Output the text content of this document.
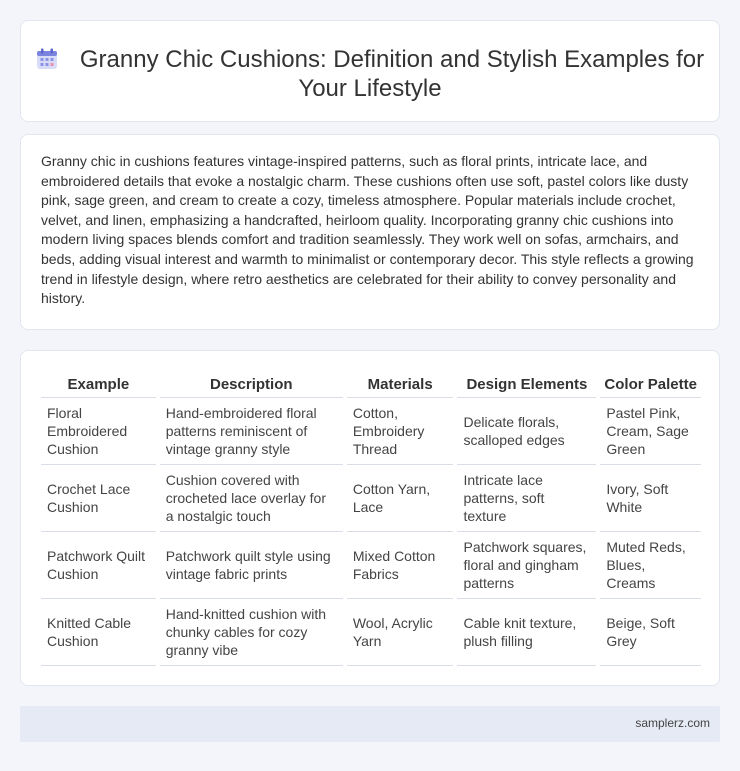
Granny Chic Cushions: Definition and Stylish Examples for Your Lifestyle

Granny chic in cushions features vintage-inspired patterns, such as floral prints, intricate lace, and embroidered details that evoke a nostalgic charm. These cushions often use soft, pastel colors like dusty pink, sage green, and cream to create a cozy, timeless atmosphere. Popular materials include crochet, velvet, and linen, emphasizing a handcrafted, heirloom quality. Incorporating granny chic cushions into modern living spaces blends comfort and tradition seamlessly. They work well on sofas, armchairs, and beds, adding visual interest and warmth to minimalist or contemporary decor. This style reflects a growing trend in lifestyle design, where retro aesthetics are celebrated for their ability to convey personality and history.

Example	Description	Materials	Design Elements	Color Palette
Floral Embroidered Cushion	Hand-embroidered floral patterns reminiscent of vintage granny style	Cotton, Embroidery Thread	Delicate florals, scalloped edges	Pastel Pink, Cream, Sage Green
Crochet Lace Cushion	Cushion covered with crocheted lace overlay for a nostalgic touch	Cotton Yarn, Lace	Intricate lace patterns, soft texture	Ivory, Soft White
Patchwork Quilt Cushion	Patchwork quilt style using vintage fabric prints	Mixed Cotton Fabrics	Patchwork squares, floral and gingham patterns	Muted Reds, Blues, Creams
Knitted Cable Cushion	Hand-knitted cushion with chunky cables for cozy granny vibe	Wool, Acrylic Yarn	Cable knit texture, plush filling	Beige, Soft Grey
samplerz.com
